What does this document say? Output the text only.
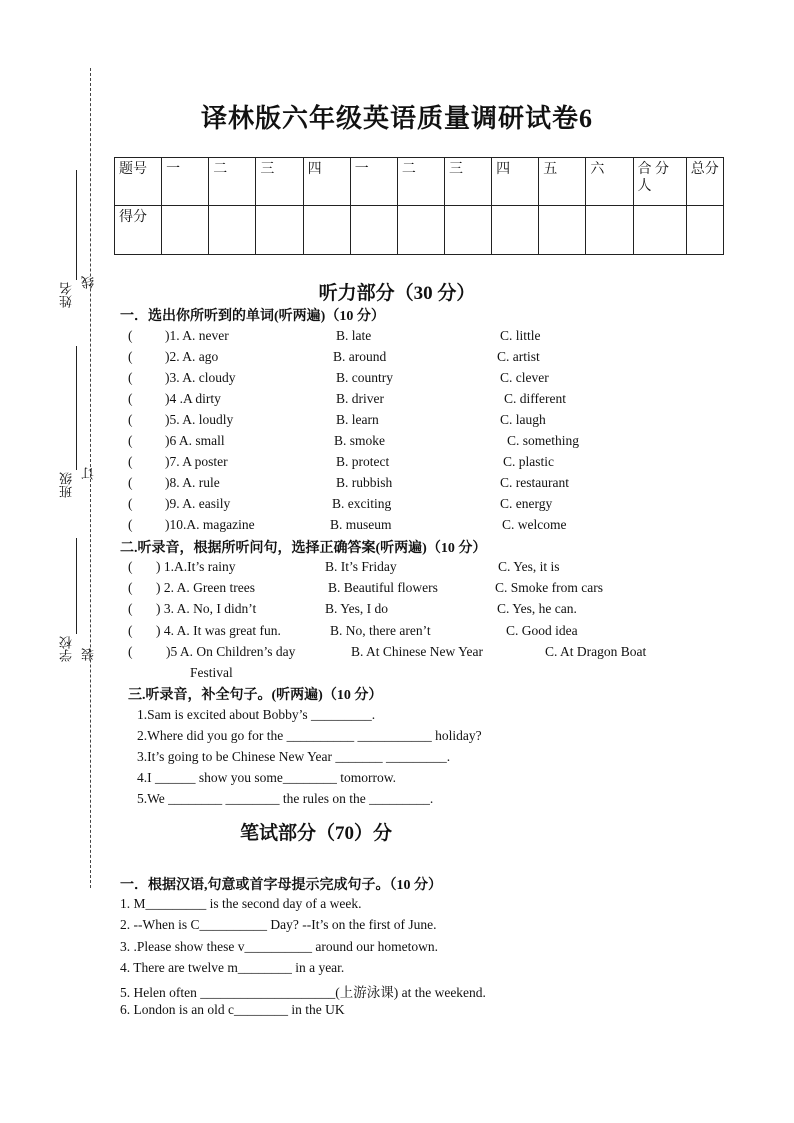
姓名 线
班级 订
学校 装
译林版六年级英语质量调研试卷6
题号	一	二	三	四	一	二	三	四	五	六	合 分人	总分
得分												
听力部分（30 分）
一．选出你所听到的单词(听两遍)（10 分）
( )1. A. never	B. late	C. little
( )2. A. ago	B. around	C. artist
( )3. A. cloudy	B. country	C. clever
( )4 .A dirty	B. driver	C. different
( )5. A. loudly	B. learn	C. laugh
( )6 A. small	B. smoke	C. something
( )7. A poster	B. protect	C. plastic
( )8. A. rule	B. rubbish	C. restaurant
( )9. A. easily	B. exciting	C. energy
( )10.A. magazine	B. museum	C. welcome
二.听录音，根据所听问句，选择正确答案(听两遍)（10 分）
( ) 1.A.It’s rainy	B. It’s Friday	C. Yes, it is
( ) 2. A. Green trees	B. Beautiful flowers	C. Smoke from cars
( ) 3. A. No, I didn’t	B. Yes, I do	C. Yes, he can.
( ) 4. A. It was great fun.	B. No, there aren’t	C. Good idea
( )5 A. On Children’s day	B. At Chinese New Year	C. At Dragon Boat
Festival
三.听录音，补全句子。(听两遍)（10 分）
1.Sam is excited about Bobby’s _________.
2.Where did you go for the __________ ___________ holiday?
3.It’s going to be Chinese New Year _______ _________.
4.I ______ show you some________ tomorrow.
5.We ________ ________ the rules on the _________.
笔试部分（70）分
一．根据汉语,句意或首字母提示完成句子。（10 分）
1. M_________ is the second day of a week.
2. --When is C__________ Day? --It’s on the first of June.
3. .Please show these v__________ around our hometown.
4. There are twelve m________ in a year.
5. Helen often ____________________(上游泳课) at the weekend.
6. London is an old c________ in the UK
